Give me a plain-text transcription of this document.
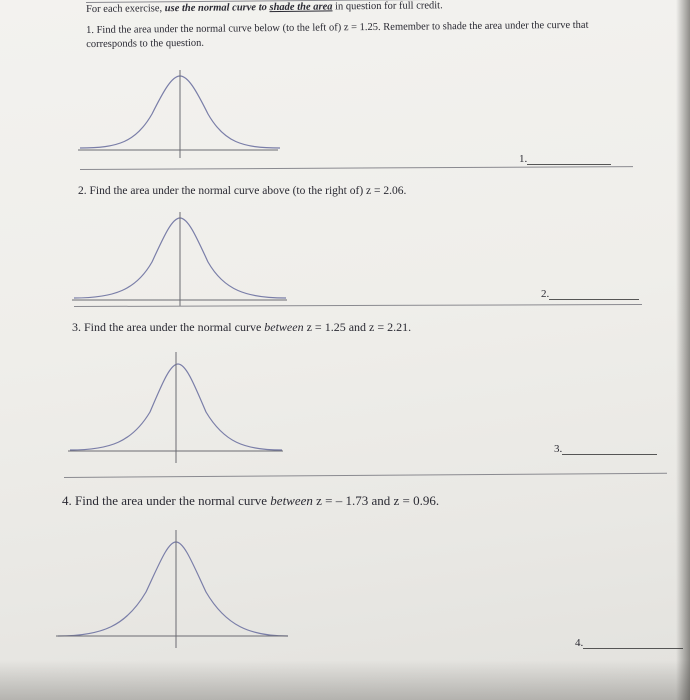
For each exercise, use the normal curve to shade the area in question for full credit.
1. Find the area under the normal curve below (to the left of) z = 1.25. Remember to shade the area under the curve that corresponds to the question.
1.
2. Find the area under the normal curve above (to the right of) z = 2.06.
2.
3. Find the area under the normal curve between z = 1.25 and z = 2.21.
3.
4. Find the area under the normal curve between z = – 1.73 and z = 0.96.
4.
